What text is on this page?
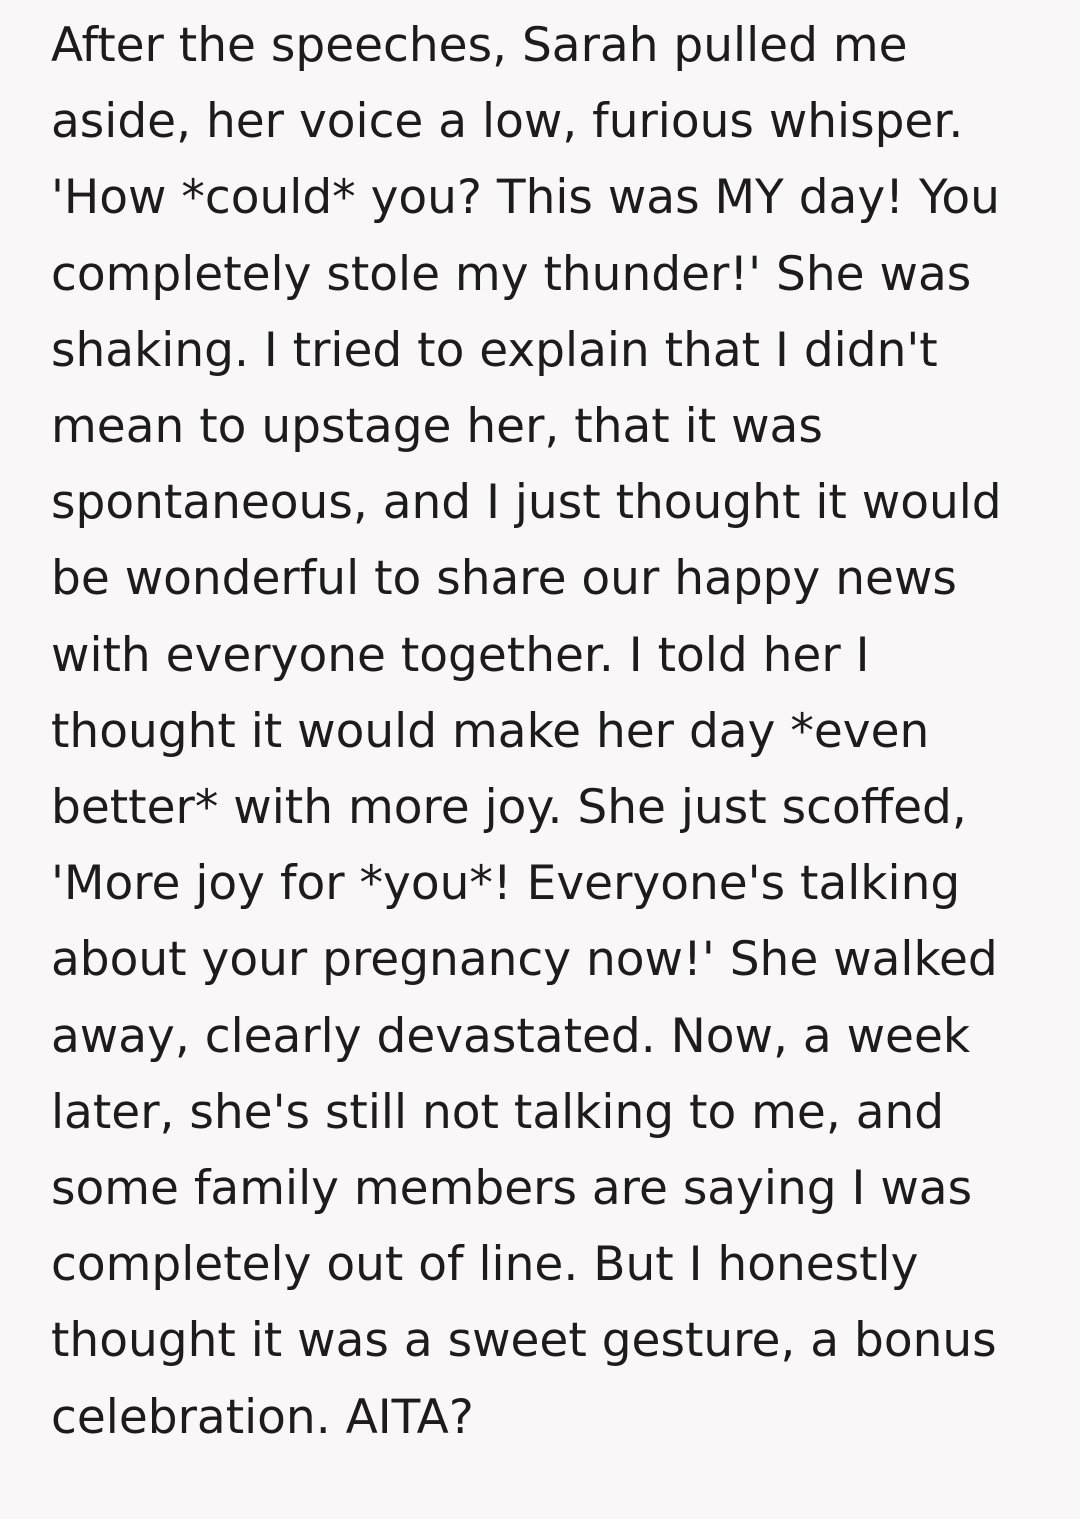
After the speeches, Sarah pulled me
aside, her voice a low, furious whisper.
'How *could* you? This was MY day! You
completely stole my thunder!' She was
shaking. I tried to explain that I didn't
mean to upstage her, that it was
spontaneous, and I just thought it would
be wonderful to share our happy news
with everyone together. I told her I
thought it would make her day *even
better* with more joy. She just scoffed,
'More joy for *you*! Everyone's talking
about your pregnancy now!' She walked
away, clearly devastated. Now, a week
later, she's still not talking to me, and
some family members are saying I was
completely out of line. But I honestly
thought it was a sweet gesture, a bonus
celebration. AITA?
